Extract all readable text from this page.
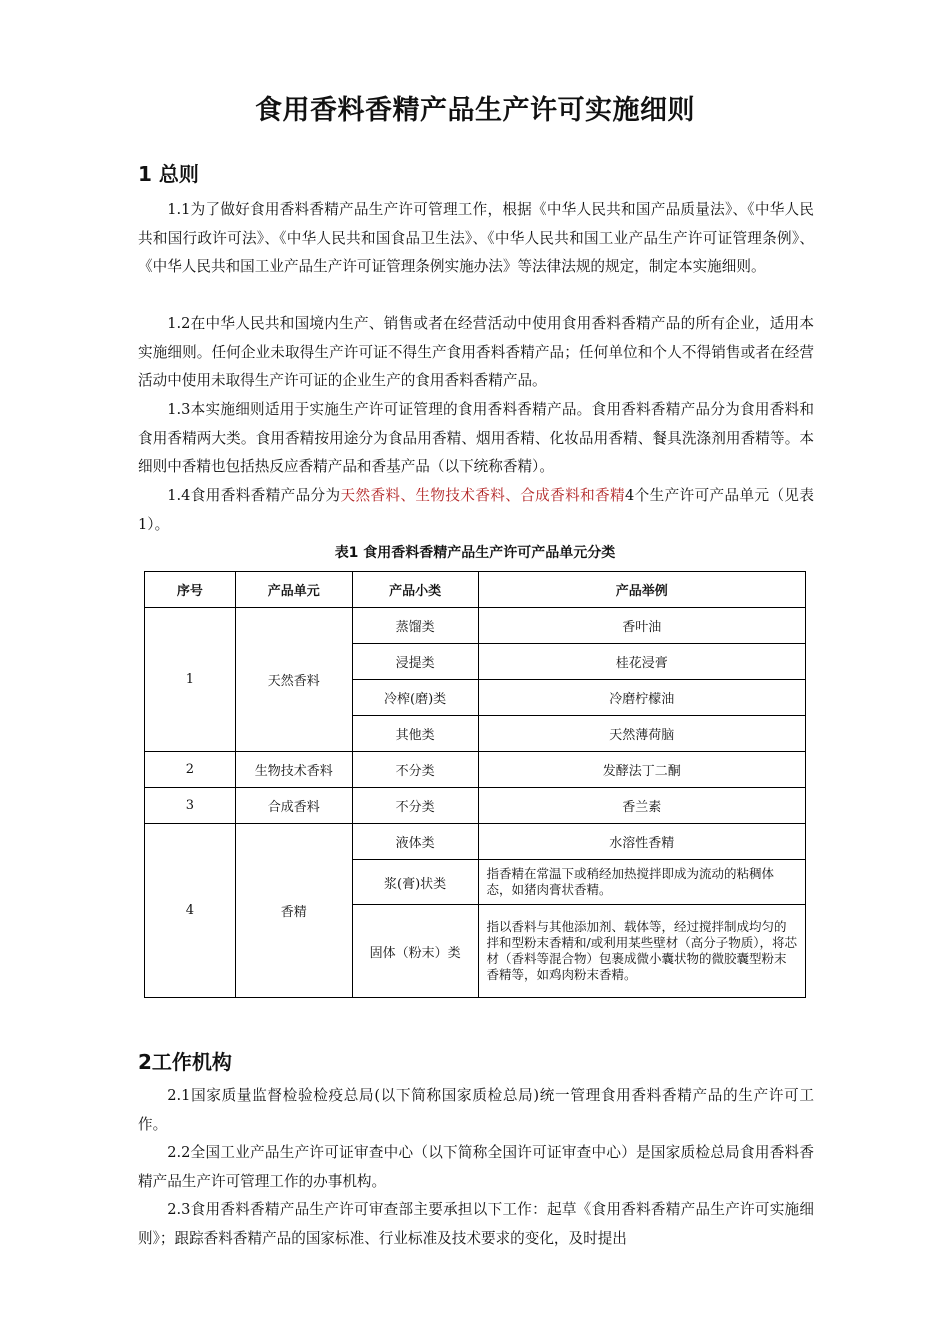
食用香料香精产品生产许可实施细则
1 总则
1.1为了做好食用香料香精产品生产许可管理工作，根据《中华人民共和国产品质量法》、《中华人民共和国行政许可法》、《中华人民共和国食品卫生法》、《中华人民共和国工业产品生产许可证管理条例》、《中华人民共和国工业产品生产许可证管理条例实施办法》等法律法规的规定，制定本实施细则。
1.2在中华人民共和国境内生产、销售或者在经营活动中使用食用香料香精产品的所有企业，适用本实施细则。任何企业未取得生产许可证不得生产食用香料香精产品；任何单位和个人不得销售或者在经营活动中使用未取得生产许可证的企业生产的食用香料香精产品。
1.3本实施细则适用于实施生产许可证管理的食用香料香精产品。食用香料香精产品分为食用香料和食用香精两大类。食用香精按用途分为食品用香精、烟用香精、化妆品用香精、餐具洗涤剂用香精等。本细则中香精也包括热反应香精产品和香基产品（以下统称香精）。
1.4食用香料香精产品分为天然香料、生物技术香料、合成香料和香精4个生产许可产品单元（见表1）。
表1 食用香料香精产品生产许可产品单元分类
序号	产品单元	产品小类	产品举例
1	天然香料	蒸馏类	香叶油
		浸提类	桂花浸膏
		冷榨(磨)类	冷磨柠檬油
		其他类	天然薄荷脑
2	生物技术香料	不分类	发酵法丁二酮
3	合成香料	不分类	香兰素
4	香精	液体类	水溶性香精
		浆(膏)状类	指香精在常温下或稍经加热搅拌即成为流动的粘稠体态，如猪肉膏状香精。
		固体（粉末）类	指以香料与其他添加剂、载体等，经过搅拌制成均匀的拌和型粉末香精和/或利用某些壁材（高分子物质），将芯材（香料等混合物）包裹成微小囊状物的微胶囊型粉末香精等，如鸡肉粉末香精。
2工作机构
2.1国家质量监督检验检疫总局(以下简称国家质检总局)统一管理食用香料香精产品的生产许可工作。
2.2全国工业产品生产许可证审查中心（以下简称全国许可证审查中心）是国家质检总局食用香料香精产品生产许可管理工作的办事机构。
2.3食用香料香精产品生产许可审查部主要承担以下工作：起草《食用香料香精产品生产许可实施细则》；跟踪香料香精产品的国家标准、行业标准及技术要求的变化，及时提出
